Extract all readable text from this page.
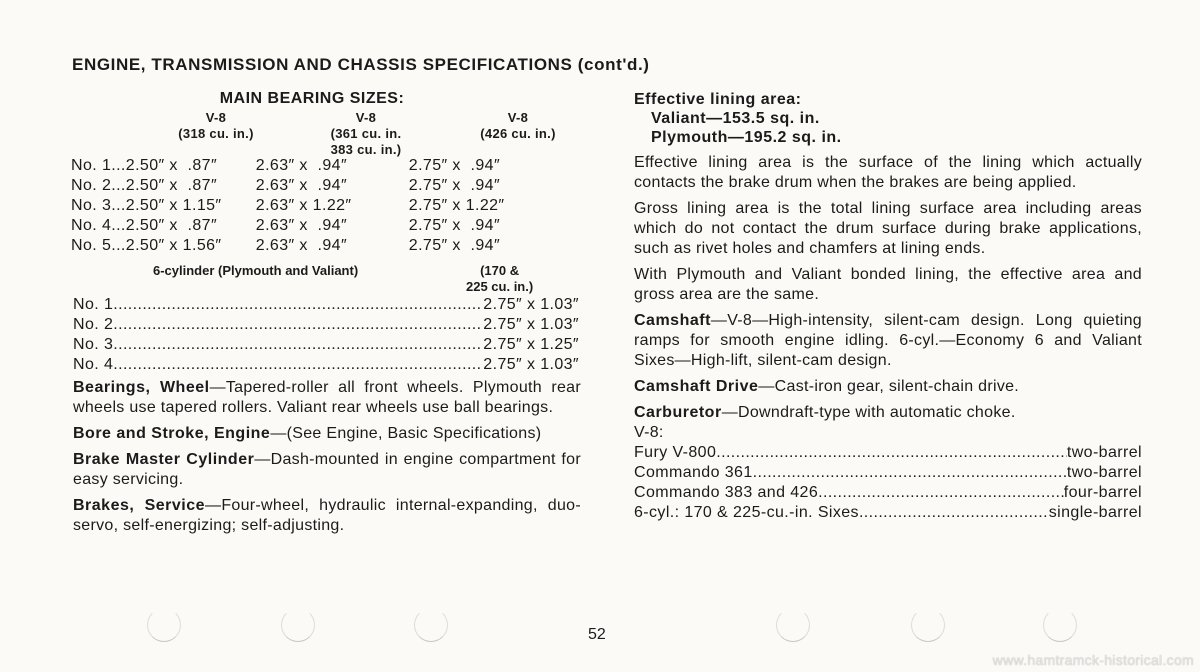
ENGINE, TRANSMISSION AND CHASSIS SPECIFICATIONS (cont'd.)
MAIN BEARING SIZES:
V-8
(318 cu. in.)
V-8
(361 cu. in.
383 cu. in.)
V-8
(426 cu. in.)
No. 1...	2.50″ x  .87″	2.63″ x  .94″	2.75″ x  .94″
No. 2...	2.50″ x  .87″	2.63″ x  .94″	2.75″ x  .94″
No. 3...	2.50″ x 1.15″	2.63″ x 1.22″	2.75″ x 1.22″
No. 4...	2.50″ x  .87″	2.63″ x  .94″	2.75″ x  .94″
No. 5...	2.50″ x 1.56″	2.63″ x  .94″	2.75″ x  .94″
6-cylinder (Plymouth and Valiant)	(170 &
225 cu. in.)
No. 1 .....	2.75″ x 1.03″
No. 2 .....	2.75″ x 1.03″
No. 3 .....	2.75″ x 1.25″
No. 4 .....	2.75″ x 1.03″
Bearings, Wheel—Tapered-roller all front wheels. Plymouth rear wheels use tapered rollers. Valiant rear wheels use ball bearings.
Bore and Stroke, Engine—(See Engine, Basic Specifications)
Brake Master Cylinder—Dash-mounted in engine compartment for easy servicing.
Brakes, Service—Four-wheel, hydraulic internal-expanding, duo-servo, self-energizing; self-adjusting.
Effective lining area:
Valiant—153.5 sq. in.
Plymouth—195.2 sq. in.
Effective lining area is the surface of the lining which actually contacts the brake drum when the brakes are being applied.
Gross lining area is the total lining surface area including areas which do not contact the drum surface during brake applications, such as rivet holes and chamfers at lining ends.
With Plymouth and Valiant bonded lining, the effective area and gross area are the same.
Camshaft—V-8—High-intensity, silent-cam design. Long quieting ramps for smooth engine idling. 6-cyl.—Economy 6 and Valiant Sixes—High-lift, silent-cam design.
Camshaft Drive—Cast-iron gear, silent-chain drive.
Carburetor—Downdraft-type with automatic choke.
V-8:
Fury V-800 .....	two-barrel
Commando 361 .....	two-barrel
Commando 383 and 426 .....	four-barrel
6-cyl.: 170 & 225-cu.-in. Sixes .....	single-barrel
52
www.hamtramck-historical.com
